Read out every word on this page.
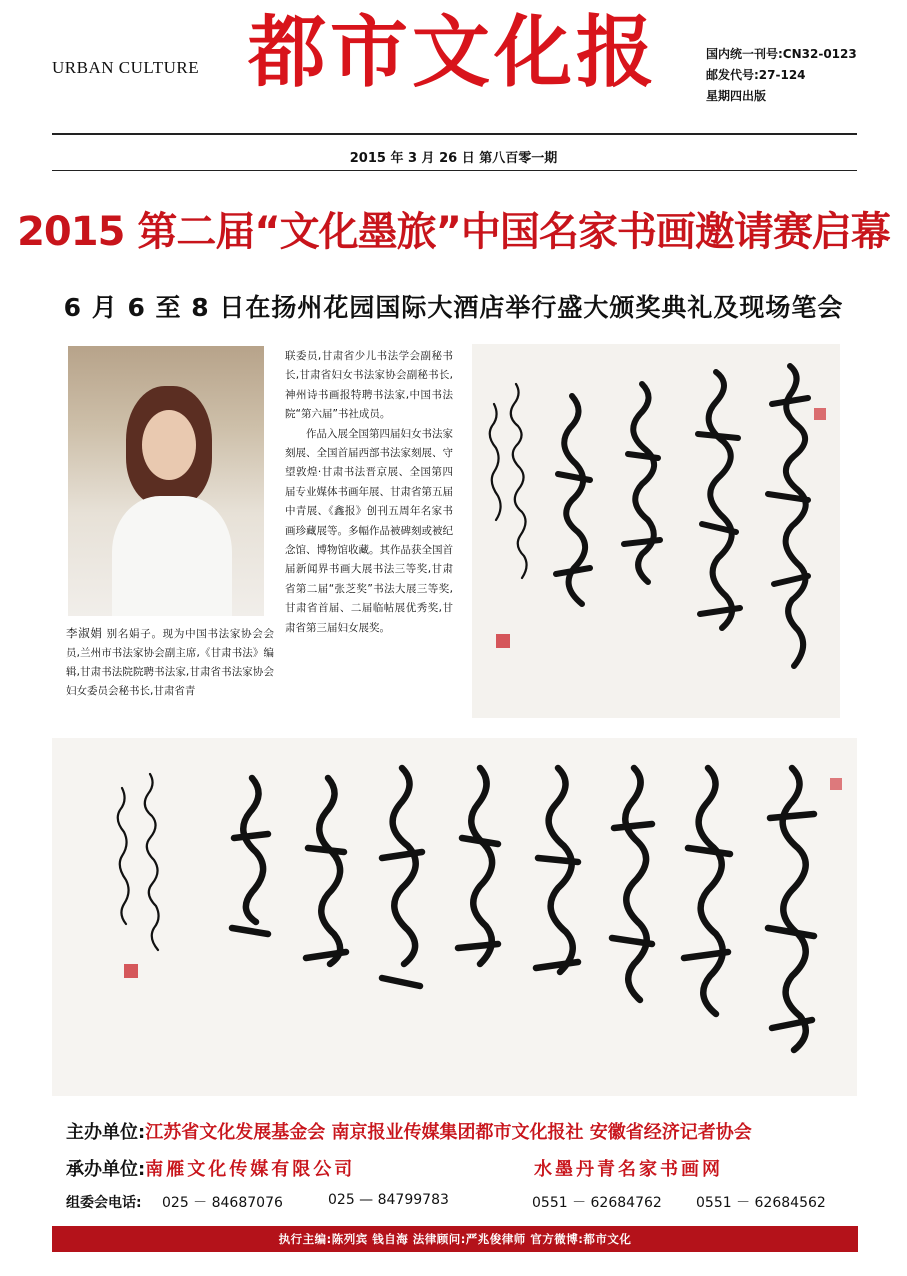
URBAN CULTURE 都市文化报	国内统一刊号:CN32-0123
邮发代号:27-124
星期四出版
2015 年 3 月 26 日 第八百零一期
2015 第二届“文化墨旅”中国名家书画邀请赛启幕
6 月 6 至 8 日在扬州花园国际大酒店举行盛大颁奖典礼及现场笔会
李淑娟 别名娟子。现为中国书法家协会会员,兰州市书法家协会副主席,《甘肃书法》编辑,甘肃书法院院聘书法家,甘肃省书法家协会妇女委员会秘书长,甘肃省青

联委员,甘肃省少儿书法学会副秘书长,甘肃省妇女书法家协会副秘书长,神州诗书画报特聘书法家,中国书法院“第六届”书社成员。

作品入展全国第四届妇女书法家刻展、全国首届西部书法家刻展、守望敦煌·甘肃书法晋京展、全国第四届专业媒体书画年展、甘肃省第五届中青展、《鑫报》创刊五周年名家书画珍藏展等。多幅作品被碑刻或被纪念馆、博物馆收藏。其作品获全国首届新闻界书画大展书法三等奖,甘肃省第二届“张芝奖”书法大展三等奖,甘肃省首届、二届临帖展优秀奖,甘肃省第三届妇女展奖。

主办单位:江苏省文化发展基金会 南京报业传媒集团都市文化报社 安徽省经济记者协会
承办单位:南雁文化传媒有限公司	水墨丹青名家书画网
组委会电话: 025 － 84687076	025 — 84799783	0551 － 62684762 0551 － 62684562
执行主编:陈列宾 钱自海 法律顾问:严兆俊律师 官方微博:都市文化
